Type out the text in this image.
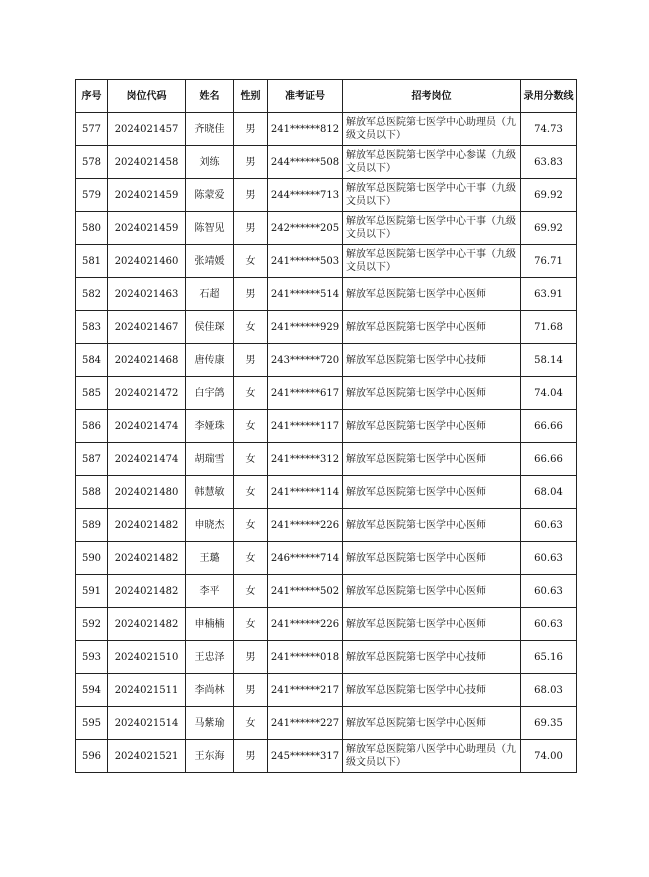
序号	岗位代码	姓名	性别	准考证号	招考岗位	录用分数线
577	2024021457	齐晓佳	男	241******812	解放军总医院第七医学中心助理员（九级文员以下）	74.73
578	2024021458	刘练	男	244******508	解放军总医院第七医学中心参谋（九级文员以下）	63.83
579	2024021459	陈蒙爱	男	244******713	解放军总医院第七医学中心干事（九级文员以下）	69.92
580	2024021459	陈智见	男	242******205	解放军总医院第七医学中心干事（九级文员以下）	69.92
581	2024021460	张靖媛	女	241******503	解放军总医院第七医学中心干事（九级文员以下）	76.71
582	2024021463	石超	男	241******514	解放军总医院第七医学中心医师	63.91
583	2024021467	侯佳琛	女	241******929	解放军总医院第七医学中心医师	71.68
584	2024021468	唐传康	男	243******720	解放军总医院第七医学中心技师	58.14
585	2024021472	白宇鸽	女	241******617	解放军总医院第七医学中心医师	74.04
586	2024021474	李娅珠	女	241******117	解放军总医院第七医学中心医师	66.66
587	2024021474	胡瑞雪	女	241******312	解放军总医院第七医学中心医师	66.66
588	2024021480	韩慧敏	女	241******114	解放军总医院第七医学中心医师	68.04
589	2024021482	申晓杰	女	241******226	解放军总医院第七医学中心医师	60.63
590	2024021482	王璐	女	246******714	解放军总医院第七医学中心医师	60.63
591	2024021482	李平	女	241******502	解放军总医院第七医学中心医师	60.63
592	2024021482	申楠楠	女	241******226	解放军总医院第七医学中心医师	60.63
593	2024021510	王忠泽	男	241******018	解放军总医院第七医学中心技师	65.16
594	2024021511	李尚林	男	241******217	解放军总医院第七医学中心技师	68.03
595	2024021514	马紫瑜	女	241******227	解放军总医院第七医学中心医师	69.35
596	2024021521	王东海	男	245******317	解放军总医院第八医学中心助理员（九级文员以下）	74.00
